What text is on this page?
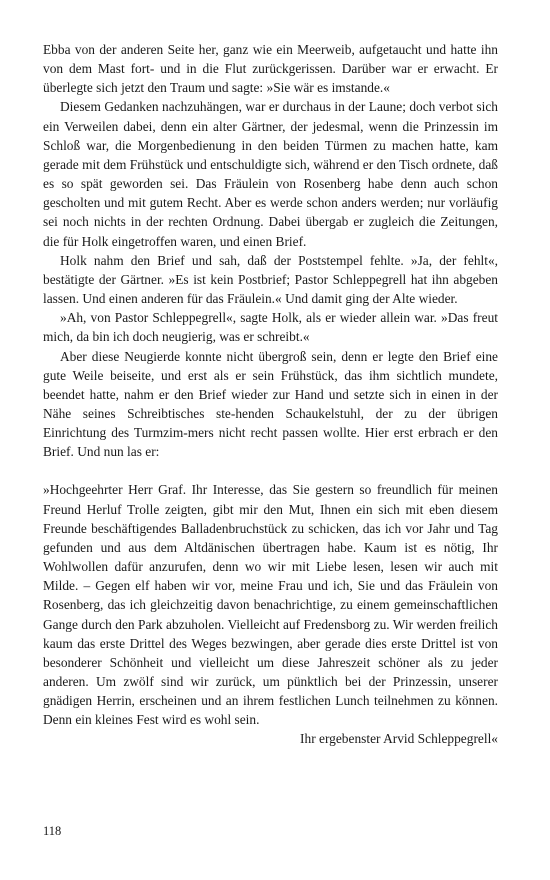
Ebba von der anderen Seite her, ganz wie ein Meerweib, aufgetaucht und hatte ihn von dem Mast fort- und in die Flut zurückgerissen. Darüber war er erwacht. Er überlegte sich jetzt den Traum und sagte: »Sie wär es imstande.«

Diesem Gedanken nachzuhängen, war er durchaus in der Laune; doch verbot sich ein Verweilen dabei, denn ein alter Gärtner, der jedesmal, wenn die Prinzessin im Schloß war, die Morgenbedienung in den beiden Türmen zu machen hatte, kam gerade mit dem Frühstück und entschuldigte sich, während er den Tisch ordnete, daß es so spät geworden sei. Das Fräulein von Rosenberg habe denn auch schon gescholten und mit gutem Recht. Aber es werde schon anders werden; nur vorläufig sei noch nichts in der rechten Ordnung. Dabei übergab er zugleich die Zeitungen, die für Holk eingetroffen waren, und einen Brief.

Holk nahm den Brief und sah, daß der Poststempel fehlte. »Ja, der fehlt«, bestätigte der Gärtner. »Es ist kein Postbrief; Pastor Schleppegrell hat ihn abgeben lassen. Und einen anderen für das Fräulein.« Und damit ging der Alte wieder.

»Ah, von Pastor Schleppegrell«, sagte Holk, als er wieder allein war. »Das freut mich, da bin ich doch neugierig, was er schreibt.«

Aber diese Neugierde konnte nicht übergroß sein, denn er legte den Brief eine gute Weile beiseite, und erst als er sein Frühstück, das ihm sichtlich mundete, beendet hatte, nahm er den Brief wieder zur Hand und setzte sich in einen in der Nähe seines Schreibtisches ste-henden Schaukelstuhl, der zu der übrigen Einrichtung des Turmzim-mers nicht recht passen wollte. Hier erst erbrach er den Brief. Und nun las er:

»Hochgeehrter Herr Graf. Ihr Interesse, das Sie gestern so freundlich für meinen Freund Herluf Trolle zeigten, gibt mir den Mut, Ihnen ein sich mit eben diesem Freunde beschäftigendes Balladenbruchstück zu schicken, das ich vor Jahr und Tag gefunden und aus dem Altdänischen übertragen habe. Kaum ist es nötig, Ihr Wohlwollen dafür anzurufen, denn wo wir mit Liebe lesen, lesen wir auch mit Milde. – Gegen elf haben wir vor, meine Frau und ich, Sie und das Fräulein von Rosenberg, das ich gleichzeitig davon benachrichtige, zu einem gemeinschaftlichen Gange durch den Park abzuholen. Vielleicht auf Fredensborg zu. Wir werden freilich kaum das erste Drittel des Weges bezwingen, aber gerade dies erste Drittel ist von besonderer Schönheit und vielleicht um diese Jahreszeit schöner als zu jeder anderen. Um zwölf sind wir zurück, um pünktlich bei der Prinzessin, unserer gnädigen Herrin, erscheinen und an ihrem festlichen Lunch teilnehmen zu können. Denn ein kleines Fest wird es wohl sein.

Ihr ergebenster Arvid Schleppegrell«

118
